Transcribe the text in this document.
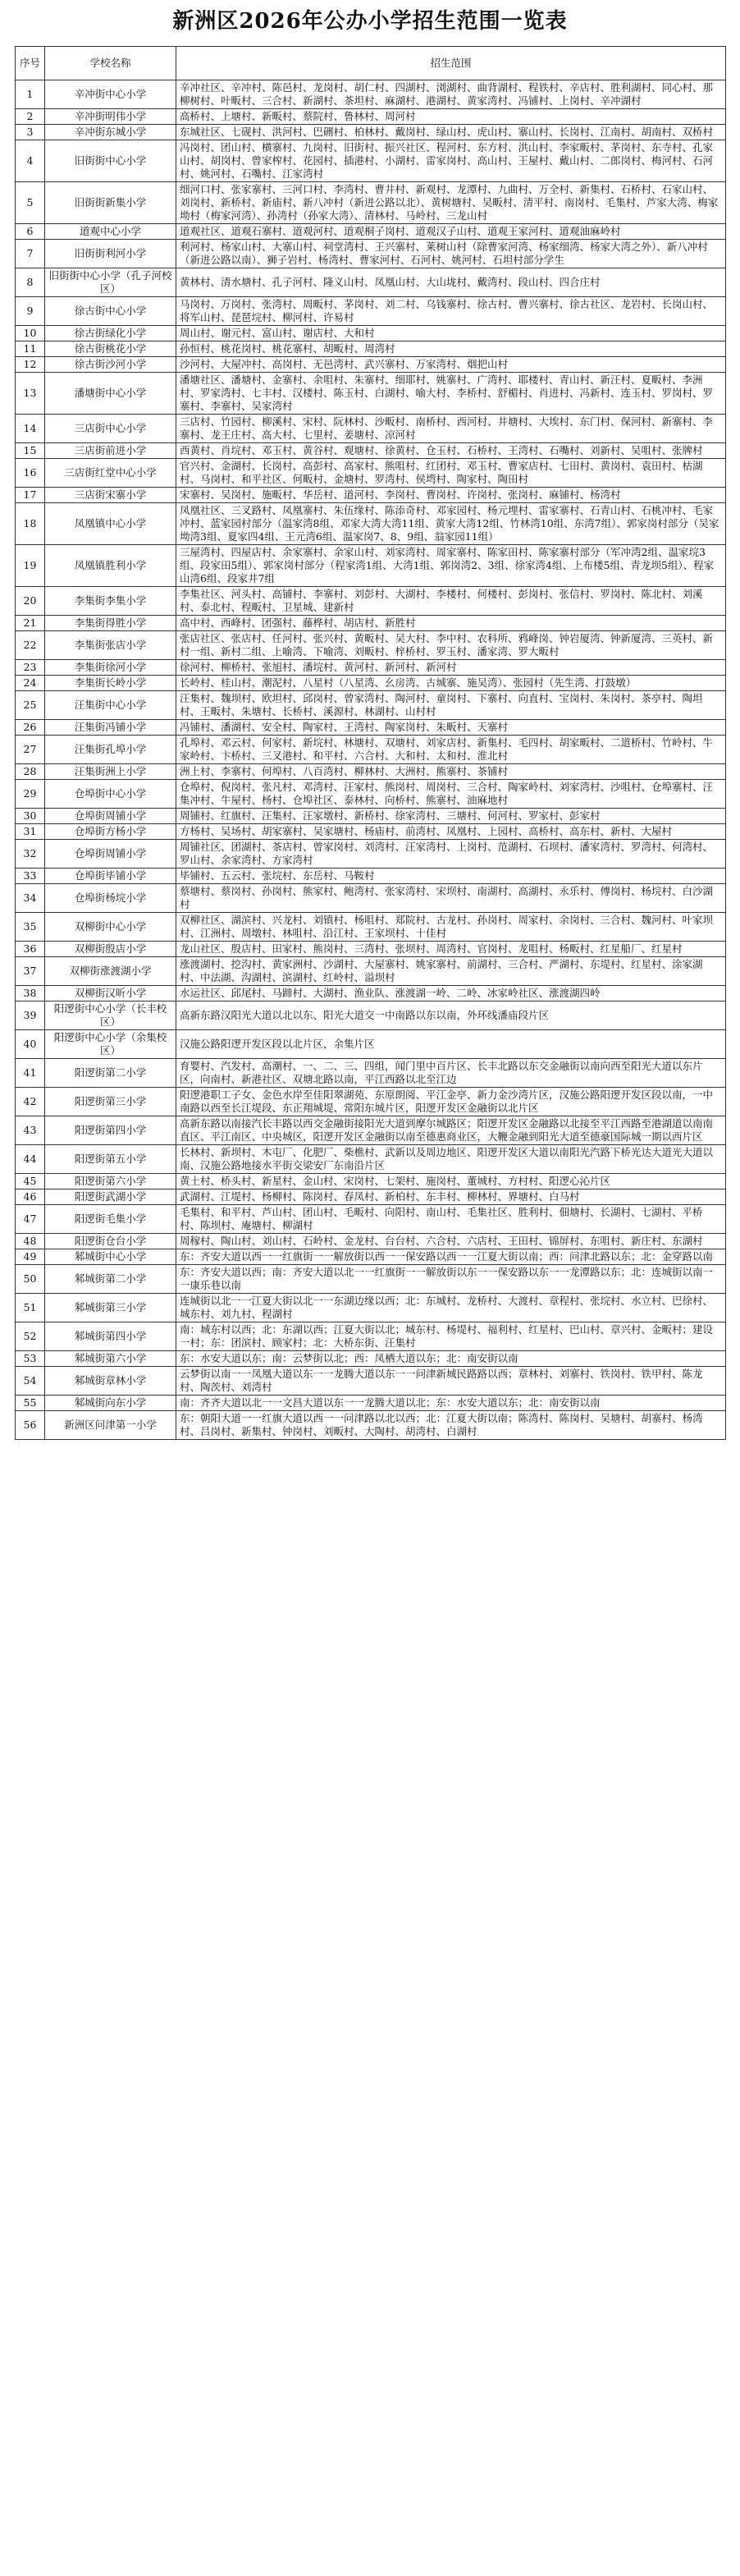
新洲区2026年公办小学招生范围一览表
序号	学校名称	招生范围
1	辛冲街中心小学	辛冲社区、辛冲村、陈邑村、龙岗村、胡仁村、四湖村、浏湖村、曲背湖村、程铁村、辛店村、胜利湖村、同心村、那柳树村、叶畈村、三合村、新湖村、茶坦村、麻湖村、港湖村、黄家湾村、冯铺村、上岗村、辛冲湖村
2	辛冲街明伟小学	高桥村、上塘村、新畈村、蔡院村、鲁林村、周河村
3	辛冲街东城小学	东城社区、七砚村、洪河村、巴硎村、柏林村、戴岗村、绿山村、虎山村、寨山村、长岗村、江南村、胡南村、双桥村
4	旧街街中心小学	冯岗村、团山村、横寨村、九岗村、旧街村、振兴社区、程河村、东方村、洪山村、李家畈村、茅岗村、东寺村、孔家山村、胡岗村、曾家榨村、花园村、插港村、小湖村、雷家岗村、高山村、王屋村、戴山村、二郎岗村、梅河村、石河村、姚河村、石嘴村、江家湾村
5	旧街街新集小学	细河口村、张家寨村、三河口村、李湾村、曹井村、新观村、龙潭村、九曲村、万全村、新集村、石桥村、石家山村、刘岗村、新桥村、新庙村、新八冲村（新进公路以北）、黄树塘村、吴畈村、清平村、南岗村、毛集村、芦家大湾、梅家坳村（梅家河湾）、孙湾村（孙家大湾）、清林村、马岭村、三龙山村
6	道观中心小学	道观社区、道观石寨村、道观河村、道观桐子岗村、道观汉子山村、道观王家河村、道观油麻岭村
7	旧街街利河小学	利河村、杨家山村、大寨山村、祠堂湾村、王兴寨村、莱树山村（除曹家河湾、杨家细湾、杨家大湾之外）、新八冲村（新进公路以南）、狮子岩村、杨湾村、曹家河村、石河村、姚河村、石坦村部分学生
8	旧街街中心小学（孔子河校区）	黄林村、清水塘村、孔子河村、隆义山村、凤凰山村、大山垅村、戴湾村、段山村、四合庄村
9	徐古街中心小学	马岗村、万岗村、张湾村、周畈村、茅岗村、刘二村、乌钱寨村、徐古村、曹兴寨村、徐古社区、龙岩村、长岗山村、将军山村、琵琶垸村、柳河村、许易村
10	徐古街绿化小学	周山村、谢元村、富山村、谢店村、大和村
11	徐古街桃花小学	孙恒村、桃花岗村、桃花寨村、胡畈村、周湾村
12	徐古街沙河小学	沙河村、大屋冲村、高岗村、无邑湾村、武兴寨村、万家湾村、烟把山村
13	潘塘街中心小学	潘塘社区、潘塘村、金寨村、余咀村、朱寨村、细耶村、姚寨村、广湾村、耶楼村、青山村、新汪村、夏畈村、李洲村、罗家湾村、七丰村、汉楼村、陈玉村、白湖村、喻大村、李桥村、舒楣村、肖进村、冯新村、连玉村、罗岗村、罗寨村、李寨村、吴家湾村
14	三店街中心小学	三店村、竹园村、柳溪村、宋村、阮林村、沙畈村、南桥村、西河村、井塘村、大埃村、东门村、保河村、新寨村、李寨村、龙王庄村、高大村、七里村、姜塘村、凉河村
15	三店街前进小学	西黄村、肖垸村、邓玉村、黄谷村、观塘村、徐黄村、仓玉村、石桥村、王湾村、石嘴村、刘新村、吴咀村、张牌村
16	三店街红堂中心小学	官兴村、金湖村、长岗村、高彭村、高家村、熊咀村、红团村、邓玉村、曹家店村、七田村、黄岗村、袁田村、枯湖村、马岗村、和平社区、何畈村、金塘村、罗湾村、侯塆村、陶家村、陶田村
17	三店街宋寨小学	宋寨村、吴岗村、施畈村、华岳村、道河村、李岗村、曹岗村、许岗村、张岗村、麻铺村、杨湾村
18	凤凰镇中心小学	凤凰社区、三叉路村、凤凰寨村、朱伍缘村、陈添奇村、邓家园村、杨元埋村、雷家寨村、石青山村、石桃冲村、毛家冲村、蓝家园村部分（温家湾8组、邓家大湾大湾11组、黄家大湾12组、竹林湾10组、东湾7组）、郭家岗村部分（吴家坳湾3组、夏家四4组、王元湾6组、温家岗7、8、9组、翁家园11组）
19	凤凰镇胜利小学	三屋湾村、四屋店村、余家寨村、余家山村、刘家湾村、周家寨村、陈家田村、陈家寨村部分（军冲湾2组、温家垸3组、段家田5组）、郭家岗村部分（程家湾1组、大湾1组、郭岗湾2、3组、徐家湾4组、上布楼5组、青龙坝5组）、程家山湾6组、段家井7组
20	李集街李集小学	李集社区、河头村、高铺村、李寨村、刘彭村、大湖村、李楼村、何楼村、彭岗村、张信村、罗岗村、陈北村、刘溪村、泰北村、程畈村、卫星城、建新村
21	李集街得胜小学	高中村、西峰村、团强村、藤桦村、胡店村、新胜村
22	李集街张店小学	张店社区、张店村、任河村、张兴村、黄畈村、吴大村、李中村、农科所、鸦峰岗、钟岩厦湾、钟新厦湾、三英村、新村一组、新村二组、上喻湾、下喻湾、刘畈村、梓桥村、罗玉村、潘家湾、罗大畈村
23	李集街徐河小学	徐河村、柳桥村、张旭村、潘垸村、黄河村、新河村、新河村
24	李集街长岭小学	长岭村、桂山村、潮泥村、八星村（八星湾、幺房湾、古城寨、施吴湾）、张园村（先生湾、打鼓墩）
25	汪集街中心小学	汪集村、魏坝村、欧坦村、邱岗村、曾家湾村、陶河村、童岗村、下寨村、向直村、宝岗村、朱岗村、茶亭村、陶坦村、王畈村、朱塘村、长桥村、溪源村、林湖村、山村村
26	汪集街冯铺小学	冯铺村、潘湖村、安全村、陶家村、王湾村、陶家岗村、朱畈村、天寨村
27	汪集街孔埠小学	孔埠村、邓云村、何家村、新垸村、林塘村、双塘村、刘家店村、新集村、毛四村、胡家畈村、二道桥村、竹岭村、牛家岭村、卞桥村、三叉港村、和平村、六合村、大和村、太和村、淮北村
28	汪集街洲上小学	洲上村、李寨村、何埠村、八百湾村、柳林村、大洲村、熊寨村、茶铺村
29	仓埠街中心小学	仓埠村、倪岗村、张凡村、邓湾村、汪家村、熊岗村、周岗村、三合村、陶家岭村、刘家湾村、沙咀村、仓埠寨村、汪集冲村、牛屋村、杨村、仓埠社区、泰林村、向桥村、熊寨村、油麻地村
30	仓埠街周铺小学	周铺村、红旗村、汪集村、汪家墩村、新桥村、徐家湾村、三塘村、何河村、罗家村、彭家村
31	仓埠街方杨小学	方杨村、吴场村、胡家寨村、吴家塘村、杨庙村、前湾村、凤凰村、上园村、高桥村、高东村、新村、大屋村
32	仓埠街周铺小学	周铺社区、团湖村、茶店村、曾家岗村、刘湾村、汪家湾村、上岗村、范湖村、石坝村、潘家湾村、罗湾村、何湾村、罗山村、余家湾村、方家湾村
33	仓埠街毕铺小学	毕铺村、五云村、张垸村、东岳村、马鞍村
34	仓埠街杨垸小学	蔡塘村、蔡岗村、孙岗村、熊家村、鲍湾村、张家湾村、宋坝村、南湖村、高湖村、永乐村、傅岗村、杨垸村、白沙湖村
35	双柳街中心小学	双柳社区、湖滨村、兴龙村、刘镇村、杨咀村、郑院村、古龙村、孙岗村、周家村、余岗村、三合村、魏河村、叶家坝村、江洲村、周墩村、林咀村、沿江村、王家坝村、十佳村
36	双柳街殷店小学	龙山社区、殷店村、田家村、熊岗村、三湾村、张坝村、周湾村、官岗村、龙咀村、杨畈村、红星船厂、红星村
37	双柳街涨渡湖小学	涨渡湖村、挖沟村、黄家洲村、沙湖村、大屋寨村、姚家寨村、前湖村、三合村、严湖村、东堤村、红星村、涂家湖村、中法湖、沟湖村、滨湖村、红岭村、溢坝村
38	双柳街汉昕小学	水运社区、邱尾村、马蹄村、大湖村、渔业队、涨渡湖一岭、二岭、冰家岭社区、涨渡湖四岭
39	阳逻街中心小学（长丰校区）	高新东路汉阳光大道以北以东、阳光大道交一中南路以东以南，外环线潘庙段片区
40	阳逻街中心小学（余集校区）	汉施公路阳逻开发区段以北片区，余集片区
41	阳逻街第二小学	育婴村、汽发村、高潮村、一、二、三、四组，闻门里中百片区、长丰北路以东交金融街以南向西至阳光大道以东片区，向南村、新港社区、双塘北路以南，平江西路以北至江边
42	阳逻街第三小学	阳逻港职工子女、金色水岸至佳阳翠湖苑、东原朗阅、平江金亭、新力金沙湾片区，汉施公路阳逻开发区段以南，一中南路以西至长江堤段、东正翔城堤、常阳东城片区，阳逻开发区金融街以北片区
43	阳逻街第四小学	高新东路以南接汽长丰路以西交金融街接阳光大道到摩尔城路区；阳逻开发区金融路以北接至平江西路至港湖道以南南直区、平江南区、中央城区，阳逻开发区金融街以南至德惠商业区，大鞭金融到阳光大道至德豪国际城一期以西片区
44	阳逻街第五小学	长林村、新坝村、木屯厂、化肥厂、柴樵村、武新以及周边地区、阳逻开发区大道以南阳光汽路下桥光达大道光大道以南、汉施公路地接水平街交梁安厂东南沿片区
45	阳逻街第六小学	黄土村、桥头村、新星村、金山村、宋岗村、七架村、施岗村、董城村、方村村、阳逻心沁片区
46	阳逻街武湖小学	武湖村、江堤村、杨柳村、陈岗村、春凤村、新柏村、东丰村、柳林村、界塘村、白马村
47	阳逻街毛集小学	毛集村、和平村、芦山村、团山村、毛畈村、向阳村、南山村、毛集社区、胜利村、佃塘村、长湖村、七湖村、平桥村、陈坝村、庵塘村、柳湖村
48	阳逻街仓台小学	周稼村、陶山村、刘山村、石岭村、金龙村、台台村、六合村、六店村、王田村、锦屏村、东咀村、新庄村、东湖村
49	邾城街中心小学	东：齐安大道以西一一红旗街一一解放街以西一一保安路以西一一江夏大街以南；西：问津北路以东；北：金穿路以南
50	邾城街第二小学	东：齐安大道以西；南：齐安大道以北一一红旗街一一解放街以东一一保安路以东一一龙潭路以东；北：连城街以南一一康乐巷以南
51	邾城街第三小学	连城街以北一一江夏大街以北一一东湖边缘以西；北：东城村、龙桥村、大渡村、章程村、张垸村、水立村、巴徐村、城东村、刘九村、程湖村
52	邾城街第四小学	南：城东村以西；北：东湖以西；江夏大街以北；城东村、杨堤村、福利村、红星村、巴山村、章兴村、金畈村；建设一村；东：团滨村、顾家村；北：大桥东街、汪集村
53	邾城街第六小学	东：水安大道以东；南：云梦街以北；西：凤栖大道以东；北：南安街以南
54	邾城街章林小学	云梦街以南一一凤凰大道以东一一龙腾大道以东一一问津新城民路路以西；章林村、刘寨村、铁岗村、铁甲村、陈龙村、陶茨村、刘湾村
55	邾城街向东小学	南：齐齐大道以北一一文昌大道以东一一龙腾大道以北；东：水安大道以东；北：南安街以南
56	新洲区问津第一小学	东：朝阳大道一一红旗大道以西一一问津路以北以西；北：江夏大街以南；陈湾村、陈岗村、吴塘村、胡寨村、杨湾村、吕岗村、新集村、钟岗村、刘畈村、大陶村、胡湾村、白湖村
